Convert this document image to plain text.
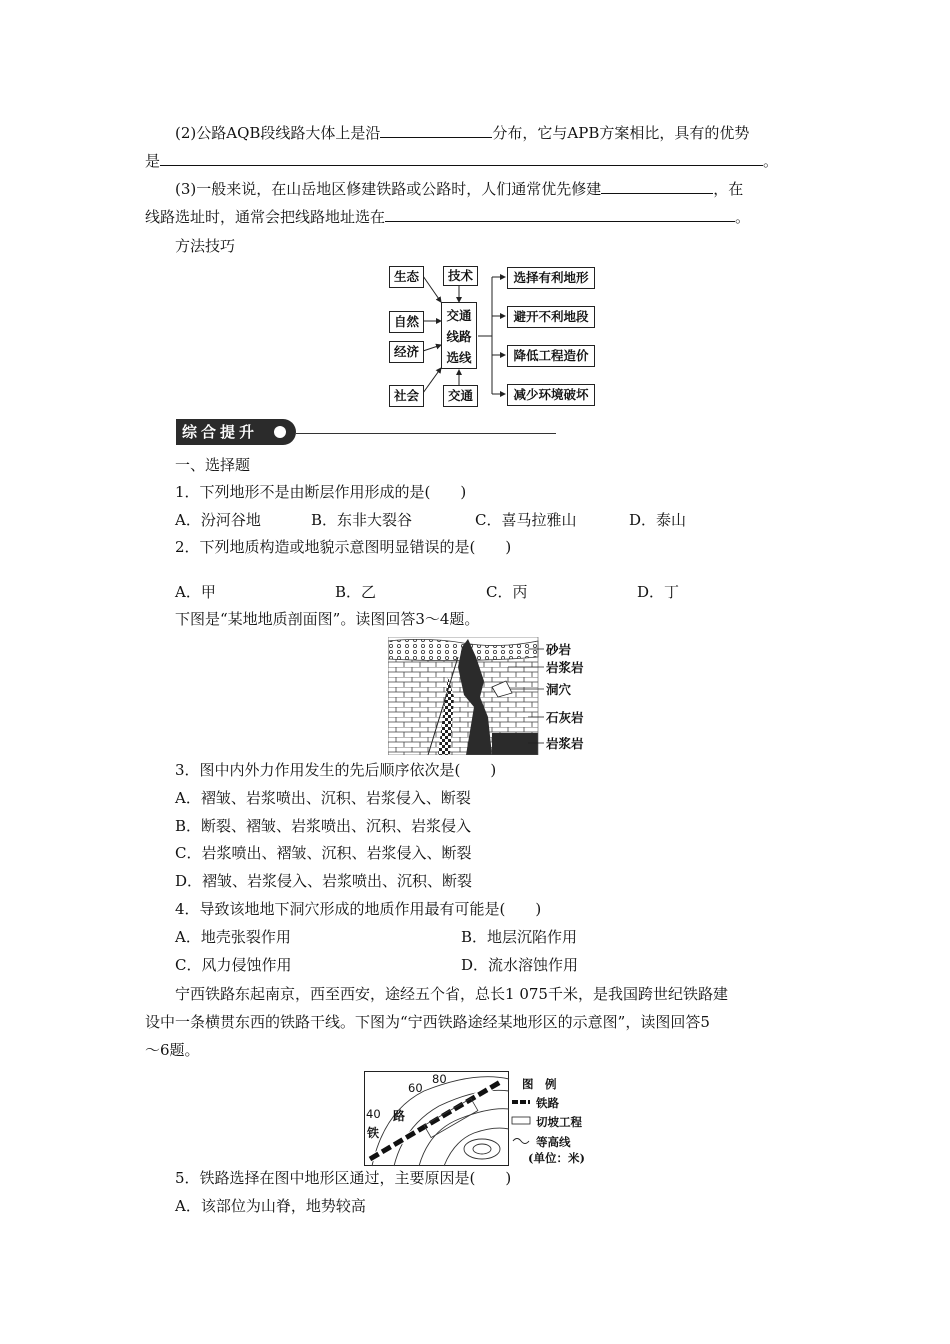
(2)公路AQB段线路大体上是沿	分布，它与APB方案相比，具有的优势
是	。
(3)一般来说，在山岳地区修建铁路或公路时，人们通常优先修建	，在
线路选址时，通常会把线路地址选在	。
方法技巧
生态	技术
自然
经济
社会	交通
交通
线路
选线
选择有利地形
避开不利地段
降低工程造价
减少环境破坏
综合提升
一、选择题
1．下列地形不是由断层作用形成的是(　　)
A．汾河谷地	B．东非大裂谷	C．喜马拉雅山	D．泰山
2．下列地质构造或地貌示意图明显错误的是(　　)
A．甲	B．乙	C．丙	D．丁
下图是“某地地质剖面图”。读图回答3～4题。
砂岩
岩浆岩
洞穴
石灰岩
岩浆岩
3．图中内外力作用发生的先后顺序依次是(　　)
A．褶皱、岩浆喷出、沉积、岩浆侵入、断裂
B．断裂、褶皱、岩浆喷出、沉积、岩浆侵入
C．岩浆喷出、褶皱、沉积、岩浆侵入、断裂
D．褶皱、岩浆侵入、岩浆喷出、沉积、断裂
4．导致该地地下洞穴形成的地质作用最有可能是(　　)
A．地壳张裂作用	B．地层沉陷作用
C．风力侵蚀作用	D．流水溶蚀作用
宁西铁路东起南京，西至西安，途经五个省，总长1 075千米，是我国跨世纪铁路建
设中一条横贯东西的铁路干线。下图为“宁西铁路途经某地形区的示意图”，读图回答5
～6题。
40
60
80
铁
路
图　例
铁路
切坡工程
等高线
(单位：米)
5．铁路选择在图中地形区通过，主要原因是(　　)
A．该部位为山脊，地势较高
